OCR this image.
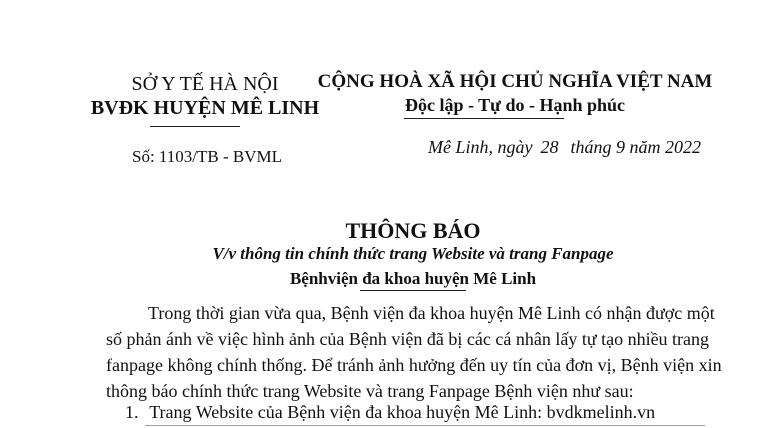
SỞ Y TẾ HÀ NỘI
BVĐK HUYỆN MÊ LINH
Số: 1103/TB - BVML
CỘNG HOÀ XÃ HỘI CHỦ NGHĨA VIỆT NAM
Độc lập - Tự do - Hạnh phúc
Mê Linh, ngày 28 tháng 9 năm 2022
THÔNG BÁO
V/v thông tin chính thức trang Website và trang Fanpage
Bệnhviện đa khoa huyện Mê Linh
Trong thời gian vừa qua, Bệnh viện đa khoa huyện Mê Linh có nhận được một
số phản ánh về việc hình ảnh của Bệnh viện đã bị các cá nhân lấy tự tạo nhiều trang
fanpage không chính thống. Để tránh ảnh hưởng đến uy tín của đơn vị, Bệnh viện xin
thông báo chính thức trang Website và trang Fanpage Bệnh viện như sau:
1. Trang Website của Bệnh viện đa khoa huyện Mê Linh: bvdkmelinh.vn
